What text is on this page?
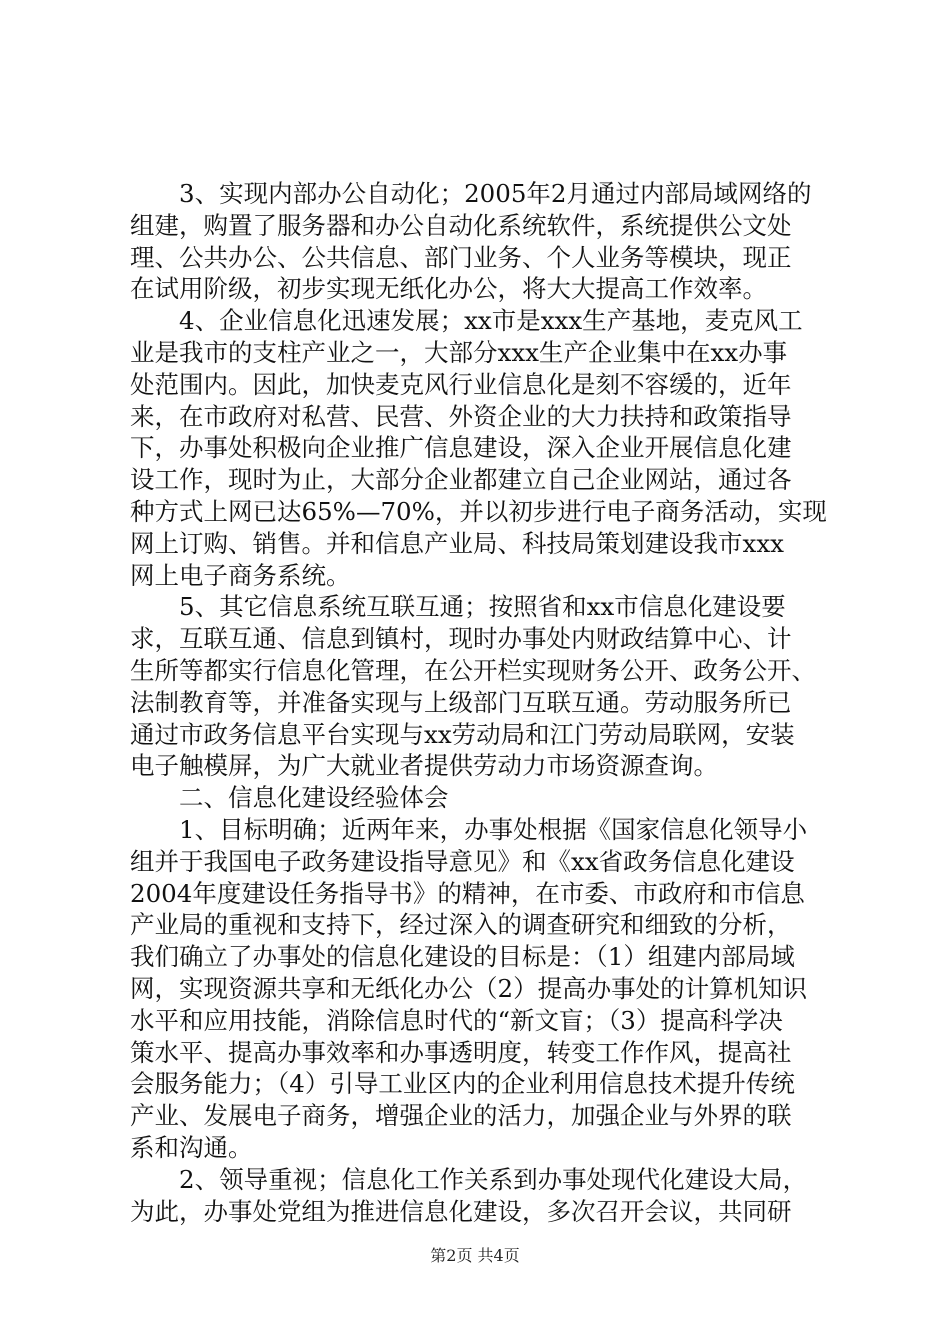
3、实现内部办公自动化；2005年2月通过内部局域网络的
组建，购置了服务器和办公自动化系统软件，系统提供公文处
理、公共办公、公共信息、部门业务、个人业务等模块，现正
在试用阶级，初步实现无纸化办公，将大大提高工作效率。
4、企业信息化迅速发展；xx市是xxx生产基地，麦克风工
业是我市的支柱产业之一，大部分xxx生产企业集中在xx办事
处范围内。因此，加快麦克风行业信息化是刻不容缓的，近年
来，在市政府对私营、民营、外资企业的大力扶持和政策指导
下，办事处积极向企业推广信息建设，深入企业开展信息化建
设工作，现时为止，大部分企业都建立自己企业网站，通过各
种方式上网已达65%—70%，并以初步进行电子商务活动，实现
网上订购、销售。并和信息产业局、科技局策划建设我市xxx
网上电子商务系统。
5、其它信息系统互联互通；按照省和xx市信息化建设要
求，互联互通、信息到镇村，现时办事处内财政结算中心、计
生所等都实行信息化管理，在公开栏实现财务公开、政务公开、
法制教育等，并准备实现与上级部门互联互通。劳动服务所已
通过市政务信息平台实现与xx劳动局和江门劳动局联网，安装
电子触模屏，为广大就业者提供劳动力市场资源查询。
二、信息化建设经验体会
1、目标明确；近两年来，办事处根据《国家信息化领导小
组并于我国电子政务建设指导意见》和《xx省政务信息化建设
2004年度建设任务指导书》的精神，在市委、市政府和市信息
产业局的重视和支持下，经过深入的调查研究和细致的分析，
我们确立了办事处的信息化建设的目标是：（1）组建内部局域
网，实现资源共享和无纸化办公（2）提高办事处的计算机知识
水平和应用技能，消除信息时代的“新文盲；（3）提高科学决
策水平、提高办事效率和办事透明度，转变工作作风，提高社
会服务能力；（4）引导工业区内的企业利用信息技术提升传统
产业、发展电子商务，增强企业的活力，加强企业与外界的联
系和沟通。
2、领导重视；信息化工作关系到办事处现代化建设大局，
为此，办事处党组为推进信息化建设，多次召开会议，共同研
第2页 共4页
